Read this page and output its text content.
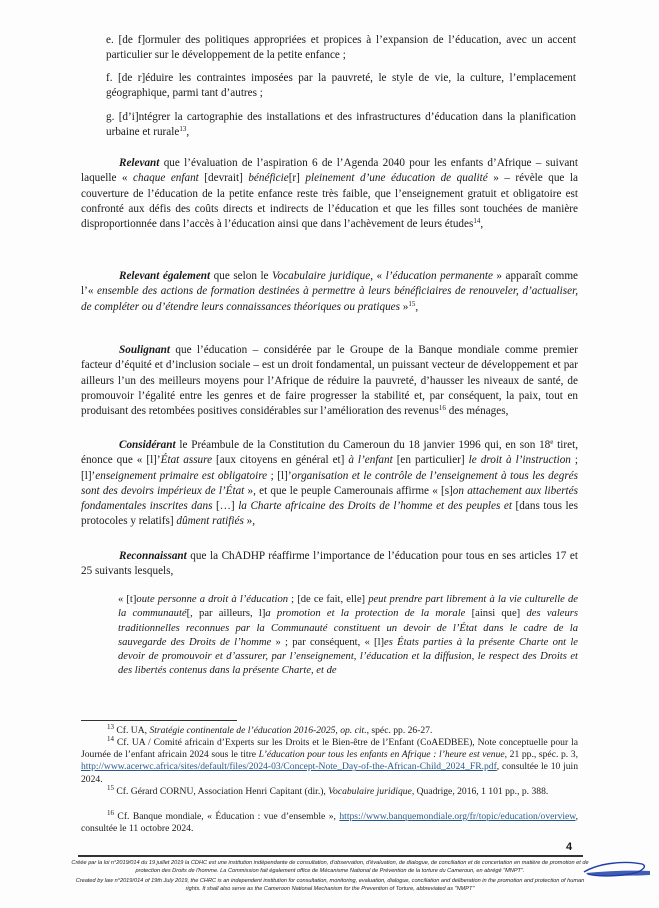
e. [de f]ormuler des politiques appropriées et propices à l’expansion de l’éducation, avec un accent particulier sur le développement de la petite enfance ;
f. [de r]éduire les contraintes imposées par la pauvreté, le style de vie, la culture, l’emplacement géographique, parmi tant d’autres ;
g. [d’i]ntégrer la cartographie des installations et des infrastructures d’éducation dans la planification urbaine et rurale$^{13}$,
Relevant que l’évaluation de l’aspiration 6 de l’Agenda 2040 pour les enfants d’Afrique – suivant laquelle « chaque enfant [devrait] bénéficie[r] pleinement d’une éducation de qualité » – révèle que la couverture de l’éducation de la petite enfance reste très faible, que l’enseignement gratuit et obligatoire est confronté aux défis des coûts directs et indirects de l’éducation et que les filles sont touchées de manière disproportionnée dans l’accès à l’éducation ainsi que dans l’achèvement de leurs études$^{14}$,
Relevant également que selon le Vocabulaire juridique, « l’éducation permanente » apparaît comme l’« ensemble des actions de formation destinées à permettre à leurs bénéficiaires de renouveler, d’actualiser, de compléter ou d’étendre leurs connaissances théoriques ou pratiques »$^{15}$,
Soulignant que l’éducation – considérée par le Groupe de la Banque mondiale comme premier facteur d’équité et d’inclusion sociale – est un droit fondamental, un puissant vecteur de développement et par ailleurs l’un des meilleurs moyens pour l’Afrique de réduire la pauvreté, d’hausser les niveaux de santé, de promouvoir l’égalité entre les genres et de faire progresser la stabilité et, par conséquent, la paix, tout en produisant des retombées positives considérables sur l’amélioration des revenus$^{16}$ des ménages,
Considérant le Préambule de la Constitution du Cameroun du 18 janvier 1996 qui, en son 18e tiret, énonce que « [l]’État assure [aux citoyens en général et] à l’enfant [en particulier] le droit à l’instruction ; [l]’enseignement primaire est obligatoire ; [l]’organisation et le contrôle de l’enseignement à tous les degrés sont des devoirs impérieux de l’État », et que le peuple Camerounais affirme « [s]on attachement aux libertés fondamentales inscrites dans […] la Charte africaine des Droits de l’homme et des peuples et [dans tous les protocoles y relatifs] dûment ratifiés »,
Reconnaissant que la ChADHP réaffirme l’importance de l’éducation pour tous en ses articles 17 et 25 suivants lesquels,
« [t]oute personne a droit à l’éducation ; [de ce fait, elle] peut prendre part librement à la vie culturelle de la communauté[, par ailleurs, l]a promotion et la protection de la morale [ainsi que] des valeurs traditionnelles reconnues par la Communauté constituent un devoir de l’État dans le cadre de la sauvegarde des Droits de l’homme » ; par conséquent, « [l]es États parties à la présente Charte ont le devoir de promouvoir et d’assurer, par l’enseignement, l’éducation et la diffusion, le respect des Droits et des libertés contenus dans la présente Charte, et de
$^{13}$ Cf. UA, Stratégie continentale de l’éducation 2016-2025, op. cit., spéc. pp. 26-27.
$^{14}$ Cf. UA / Comité africain d’Experts sur les Droits et le Bien-être de l’Enfant (CoAEDBEE), Note conceptuelle pour la Journée de l’enfant africain 2024 sous le titre L’éducation pour tous les enfants en Afrique : l’heure est venue, 21 pp., spéc. p. 3, http://www.acerwc.africa/sites/default/files/2024-03/Concept-Note_Day-of-the-African-Child_2024_FR.pdf, consultée le 10 juin 2024.
$^{15}$ Cf. Gérard CORNU, Association Henri Capitant (dir.), Vocabulaire juridique, Quadrige, 2016, 1 101 pp., p. 388.
$^{16}$ Cf. Banque mondiale, « Éducation : vue d’ensemble », https://www.banquemondiale.org/fr/topic/education/overview, consultée le 11 octobre 2024.
4
Créée par la loi n°2019/014 du 19 juillet 2019 la CDHC est une institution indépendante de consultation, d'observation, d'évaluation, de dialogue, de conciliation et de concertation en matière de promotion et de protection des Droits de l'homme. La Commission fait également office de Mécanisme National de Prévention de la torture du Cameroun, en abrégé "MNPT".
Created by law n°2019/014 of 19th July 2019, the CHRC is an independent institution for consultation, monitoring, evaluation, dialogue, conciliation and deliberation in the promotion and protection of human rights. It shall also serve as the Cameroon National Mechanism for the Prevention of Torture, abbreviated as "NMPT"
